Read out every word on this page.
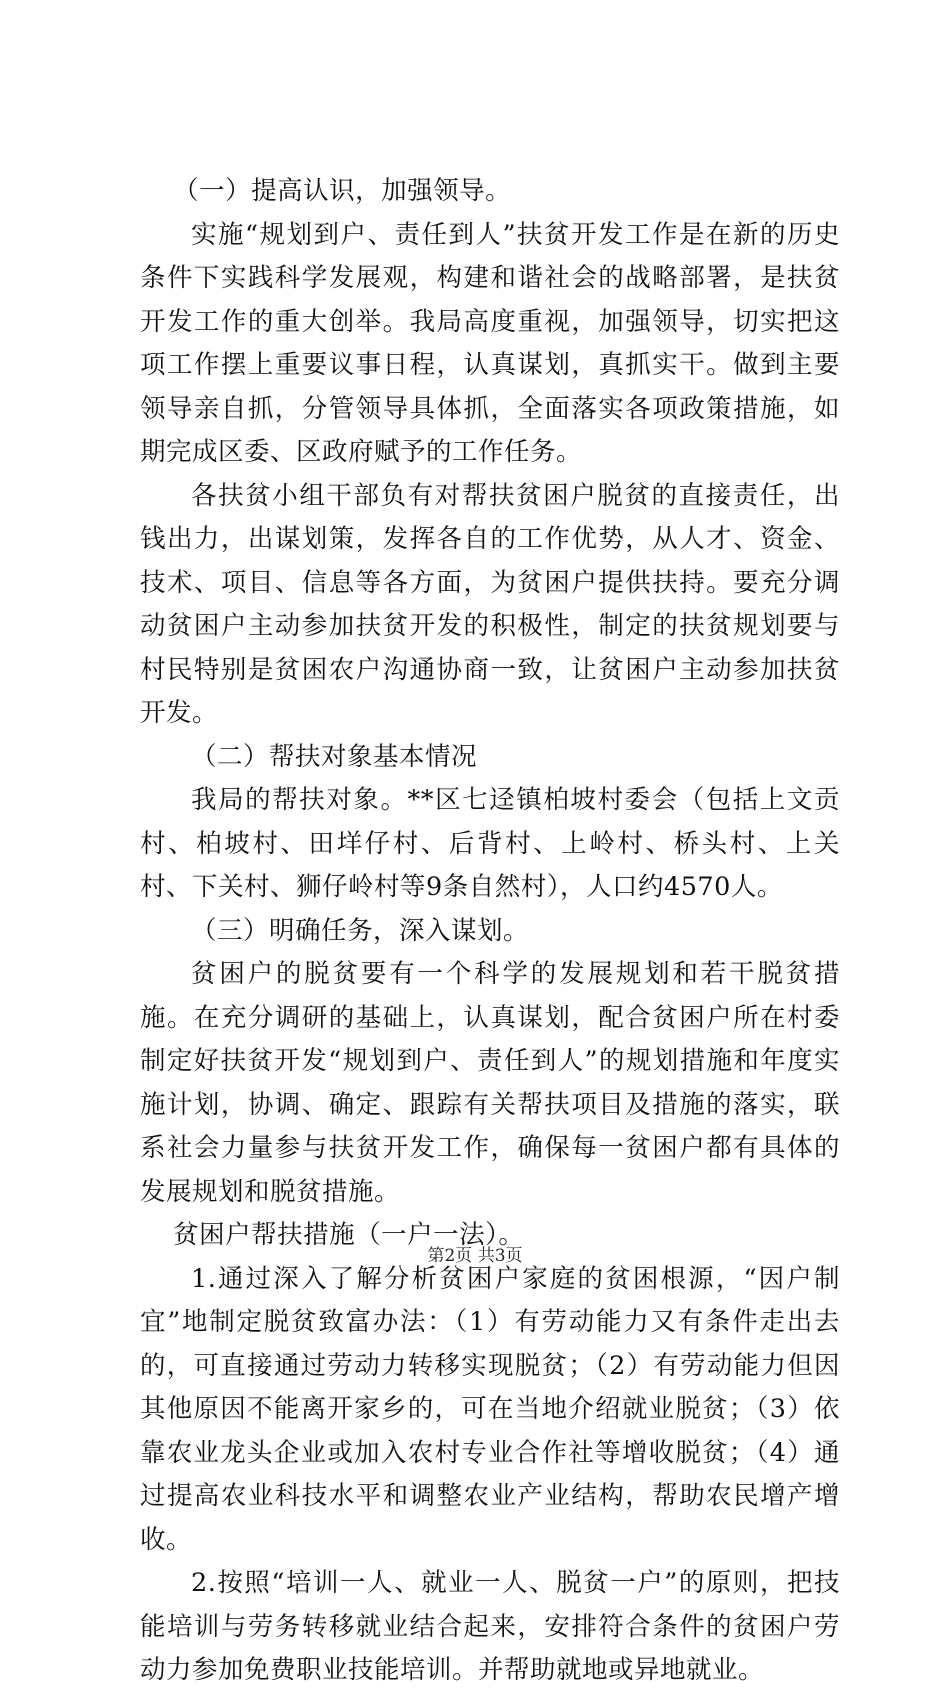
（一）提高认识，加强领导。

实施“规划到户、责任到人”扶贫开发工作是在新的历史条件下实践科学发展观，构建和谐社会的战略部署，是扶贫开发工作的重大创举。我局高度重视，加强领导，切实把这项工作摆上重要议事日程，认真谋划，真抓实干。做到主要领导亲自抓，分管领导具体抓，全面落实各项政策措施，如期完成区委、区政府赋予的工作任务。

各扶贫小组干部负有对帮扶贫困户脱贫的直接责任，出钱出力，出谋划策，发挥各自的工作优势，从人才、资金、技术、项目、信息等各方面，为贫困户提供扶持。要充分调动贫困户主动参加扶贫开发的积极性，制定的扶贫规划要与村民特别是贫困农户沟通协商一致，让贫困户主动参加扶贫开发。

（二）帮扶对象基本情况

我局的帮扶对象。**区七迳镇柏坡村委会（包括上文贡村、柏坡村、田垟仔村、后背村、上岭村、桥头村、上关村、下关村、狮仔岭村等9条自然村），人口约4570人。

（三）明确任务，深入谋划。

贫困户的脱贫要有一个科学的发展规划和若干脱贫措施。在充分调研的基础上，认真谋划，配合贫困户所在村委制定好扶贫开发“规划到户、责任到人”的规划措施和年度实施计划，协调、确定、跟踪有关帮扶项目及措施的落实，联系社会力量参与扶贫开发工作，确保每一贫困户都有具体的发展规划和脱贫措施。

贫困户帮扶措施（一户一法）。

1.通过深入了解分析贫困户家庭的贫困根源，“因户制宜”地制定脱贫致富办法：（1）有劳动能力又有条件走出去的，可直接通过劳动力转移实现脱贫；（2）有劳动能力但因其他原因不能离开家乡的，可在当地介绍就业脱贫；（3）依靠农业龙头企业或加入农村专业合作社等增收脱贫；（4）通过提高农业科技水平和调整农业产业结构，帮助农民增产增收。

2.按照“培训一人、就业一人、脱贫一户”的原则，把技能培训与劳务转移就业结合起来，安排符合条件的贫困户劳动力参加免费职业技能培训。并帮助就地或异地就业。

第2页 共3页
